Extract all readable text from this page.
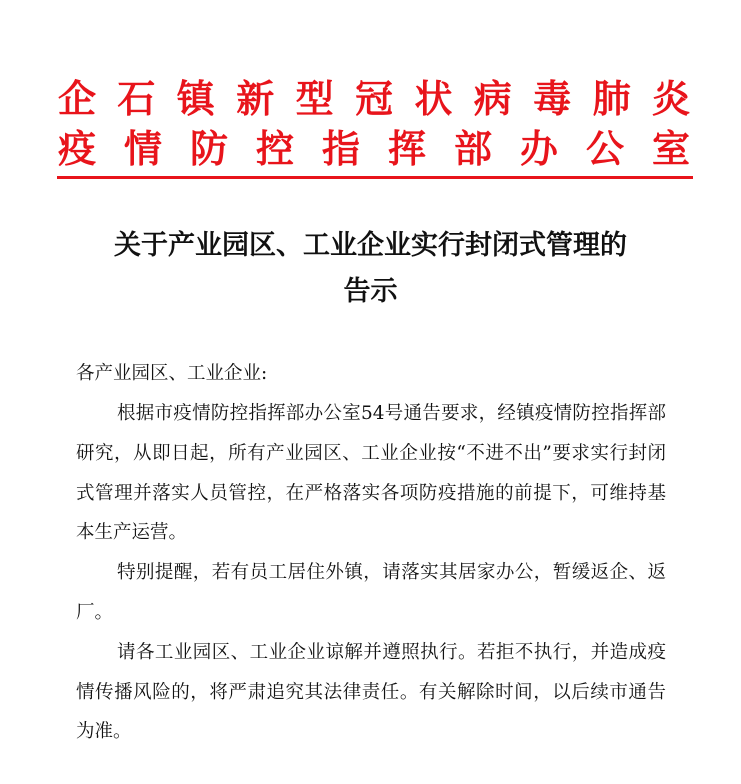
企石镇新型冠状病毒肺炎
疫情防控指挥部办公室
关于产业园区、工业企业实行封闭式管理的
告示
各产业园区、工业企业:

根据市疫情防控指挥部办公室54号通告要求，经镇疫情防控指挥部研究，从即日起，所有产业园区、工业企业按“不进不出”要求实行封闭式管理并落实人员管控，在严格落实各项防疫措施的前提下，可维持基本生产运营。

特别提醒，若有员工居住外镇，请落实其居家办公，暂缓返企、返厂。

请各工业园区、工业企业谅解并遵照执行。若拒不执行，并造成疫情传播风险的，将严肃追究其法律责任。有关解除时间，以后续市通告为准。
